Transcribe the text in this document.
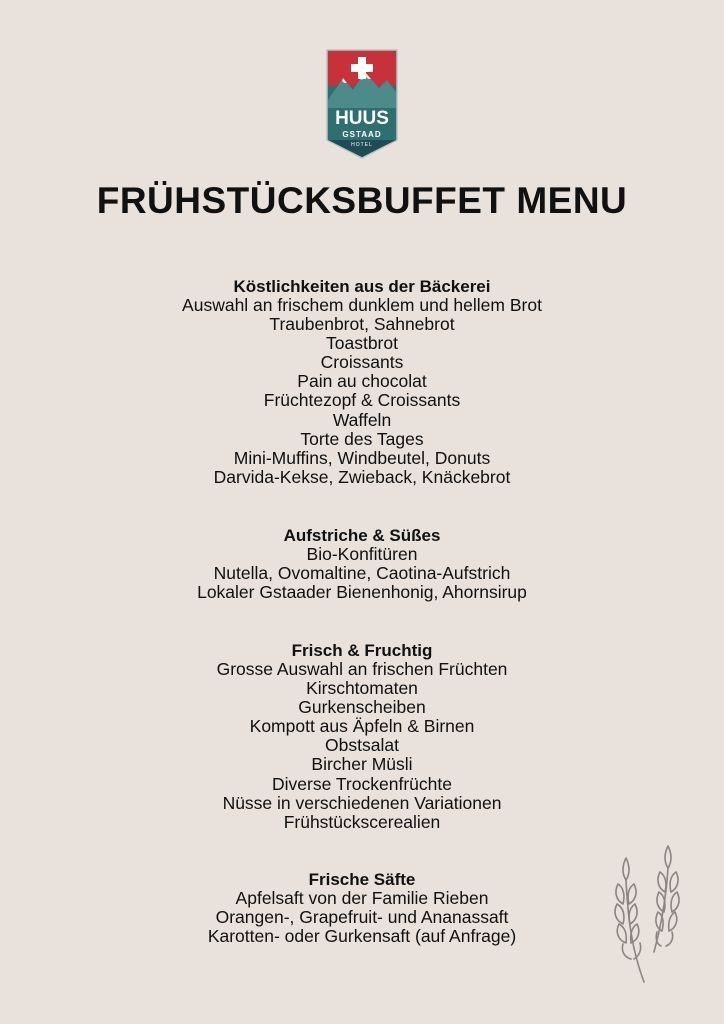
HUUS
GSTAAD
HOTEL
FRÜHSTÜCKSBUFFET MENU
Köstlichkeiten aus der Bäckerei
Auswahl an frischem dunklem und hellem Brot
Traubenbrot, Sahnebrot
Toastbrot
Croissants
Pain au chocolat
Früchtezopf & Croissants
Waffeln
Torte des Tages
Mini-Muffins, Windbeutel, Donuts
Darvida-Kekse, Zwieback, Knäckebrot
Aufstriche & Süßes
Bio-Konfitüren
Nutella, Ovomaltine, Caotina-Aufstrich
Lokaler Gstaader Bienenhonig, Ahornsirup
Frisch & Fruchtig
Grosse Auswahl an frischen Früchten
Kirschtomaten
Gurkenscheiben
Kompott aus Äpfeln & Birnen
Obstsalat
Bircher Müsli
Diverse Trockenfrüchte
Nüsse in verschiedenen Variationen
Frühstückscerealien
Frische Säfte
Apfelsaft von der Familie Rieben
Orangen-, Grapefruit- und Ananassaft
Karotten- oder Gurkensaft (auf Anfrage)
